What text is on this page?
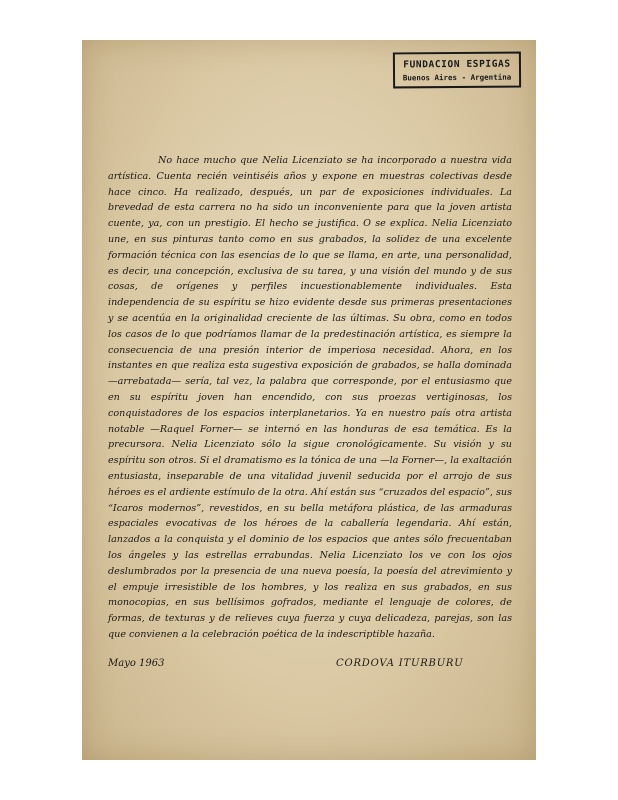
FUNDACION ESPIGAS
Buenos Aires - Argentina

No hace mucho que Nelia Licenziato se ha incorporado a nuestra vida artística. Cuenta recién veintiséis años y expone en muestras colectivas desde hace cinco. Ha realizado, después, un par de exposiciones individuales. La brevedad de esta carrera no ha sido un inconveniente para que la joven artista cuente, ya, con un prestigio. El hecho se justifica. O se explica. Nelia Licenziato une, en sus pinturas tanto como en sus grabados, la solidez de una excelente formación técnica con las esencias de lo que se llama, en arte, una personalidad, es decir, una concepción, exclusiva de su tarea, y una visión del mundo y de sus cosas, de orígenes y perfiles incuestionablemente individuales. Esta independencia de su espíritu se hizo evidente desde sus primeras presentaciones y se acentúa en la originalidad creciente de las últimas. Su obra, como en todos los casos de lo que podríamos llamar de la predestinación artística, es siempre la consecuencia de una presión interior de imperiosa necesidad. Ahora, en los instantes en que realiza esta sugestiva exposición de grabados, se halla dominada —arrebatada— sería, tal vez, la palabra que corresponde, por el entusiasmo que en su espíritu joven han encendido, con sus proezas vertiginosas, los conquistadores de los espacios interplanetarios. Ya en nuestro país otra artista notable —Raquel Forner— se internó en las honduras de esa temática. Es la precursora. Nelia Licenziato sólo la sigue cronológicamente. Su visión y su espíritu son otros. Si el dramatismo es la tónica de una —la Forner—, la exaltación entusiasta, inseparable de una vitalidad juvenil seducida por el arrojo de sus héroes es el ardiente estímulo de la otra. Ahí están sus “cruzados del espacio”, sus “Icaros modernos”, revestidos, en su bella metáfora plástica, de las armaduras espaciales evocativas de los héroes de la caballería legendaria. Ahí están, lanzados a la conquista y el dominio de los espacios que antes sólo frecuentaban los ángeles y las estrellas errabundas. Nelia Licenziato los ve con los ojos deslumbrados por la presencia de una nueva poesía, la poesía del atrevimiento y el empuje irresistible de los hombres, y los realiza en sus grabados, en sus monocopias, en sus bellísimos gofrados, mediante el lenguaje de colores, de formas, de texturas y de relieves cuya fuerza y cuya delicadeza, parejas, son las que convienen a la celebración poética de la indescriptible hazaña.

Mayo 1963	CORDOVA ITURBURU
